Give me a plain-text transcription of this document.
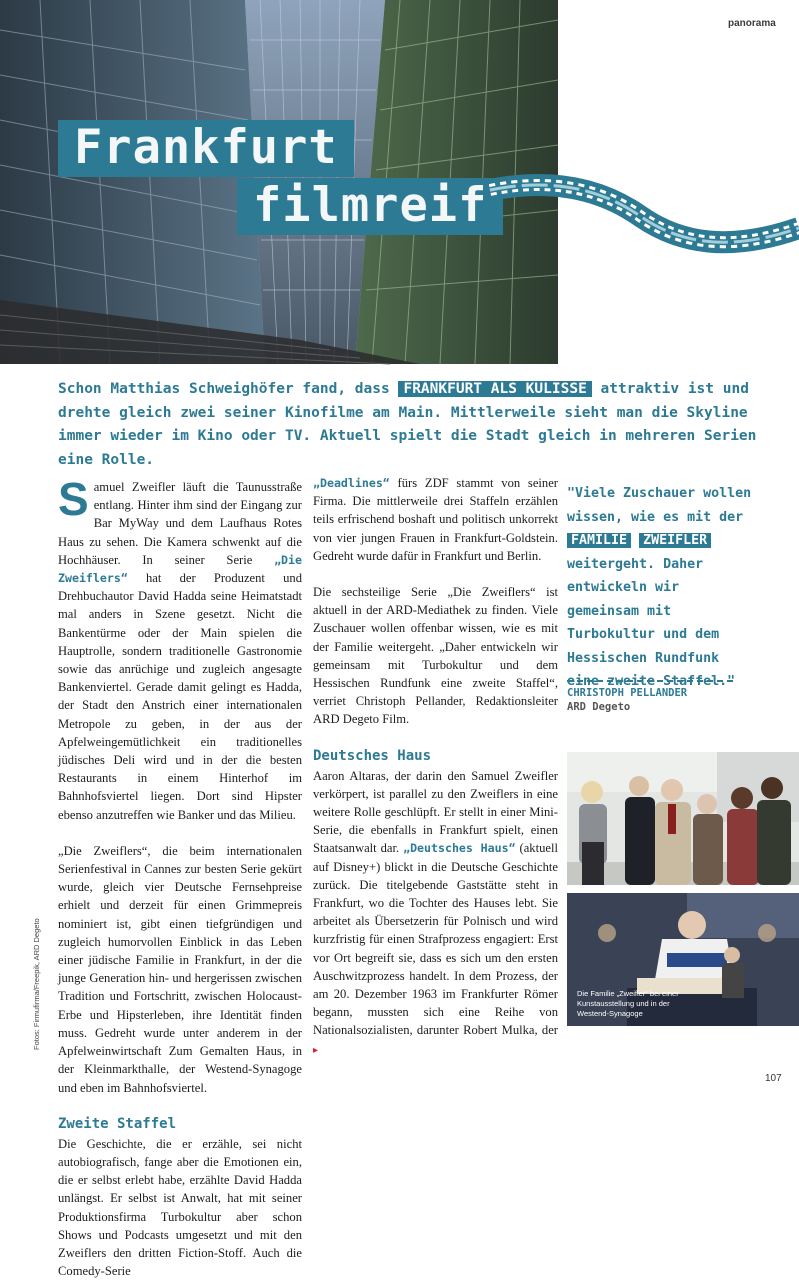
panorama
Frankfurt
filmreif
Schon Matthias Schweighöfer fand, dass FRANKFURT ALS KULISSE attraktiv ist und drehte gleich zwei seiner Kinofilme am Main. Mittlerweile sieht man die Skyline immer wieder im Kino oder TV. Aktuell spielt die Stadt gleich in mehreren Serien eine Rolle.

Samuel Zweifler läuft die Taunusstraße entlang. Hinter ihm sind der Eingang zur Bar MyWay und dem Laufhaus Rotes Haus zu sehen. Die Kamera schwenkt auf die Hochhäuser. In seiner Serie „Die Zweiflers“ hat der Produzent und Drehbuchautor David Hadda seine Heimatstadt mal anders in Szene gesetzt. Nicht die Bankentürme oder der Main spielen die Hauptrolle, sondern traditionelle Gastronomie sowie das anrüchige und zugleich angesagte Bankenviertel. Gerade damit gelingt es Hadda, der Stadt den Anstrich einer internationalen Metropole zu geben, in der aus der Apfelweingemütlichkeit ein traditionelles jüdisches Deli wird und in der die besten Restaurants in einem Hinterhof im Bahnhofsviertel liegen. Dort sind Hipster ebenso anzutreffen wie Banker und das Milieu.

„Die Zweiflers“, die beim internationalen Serienfestival in Cannes zur besten Serie gekürt wurde, gleich vier Deutsche Fernsehpreise erhielt und derzeit für einen Grimmepreis nominiert ist, gibt einen tiefgründigen und zugleich humorvollen Einblick in das Leben einer jüdische Familie in Frankfurt, in der die junge Generation hin- und hergerissen zwischen Tradition und Fortschritt, zwischen Holocaust-Erbe und Hipsterleben, ihre Identität finden muss. Gedreht wurde unter anderem in der Apfelweinwirtschaft Zum Gemalten Haus, in der Kleinmarkthalle, der Westend-Synagoge und eben im Bahnhofsviertel.

Zweite Staffel

Die Geschichte, die er erzähle, sei nicht autobiografisch, fange aber die Emotionen ein, die er selbst erlebt habe, erzählte David Hadda unlängst. Er selbst ist Anwalt, hat mit seiner Produktionsfirma Turbokultur aber schon Shows und Podcasts umgesetzt und mit den Zweiflers den dritten Fiction-Stoff. Auch die Comedy-Serie

„Deadlines“ fürs ZDF stammt von seiner Firma. Die mittlerweile drei Staffeln erzählen teils erfrischend boshaft und politisch unkorrekt von vier jungen Frauen in Frankfurt-Goldstein. Gedreht wurde dafür in Frankfurt und Berlin.

Die sechsteilige Serie „Die Zweiflers“ ist aktuell in der ARD-Mediathek zu finden. Viele Zuschauer wollen offenbar wissen, wie es mit der Familie weitergeht. „Daher entwickeln wir gemeinsam mit Turbokultur und dem Hessischen Rundfunk eine zweite Staffel“, verriet Christoph Pellander, Redaktionsleiter ARD Degeto Film.

Deutsches Haus

Aaron Altaras, der darin den Samuel Zweifler verkörpert, ist parallel zu den Zweiflers in eine weitere Rolle geschlüpft. Er stellt in einer Mini-Serie, die ebenfalls in Frankfurt spielt, einen Staatsanwalt dar. „Deutsches Haus“ (aktuell auf Disney+) blickt in die Deutsche Geschichte zurück. Die titelgebende Gaststätte steht in Frankfurt, wo die Tochter des Hauses lebt. Sie arbeitet als Übersetzerin für Polnisch und wird kurzfristig für einen Strafprozess engagiert: Erst vor Ort begreift sie, dass es sich um den ersten Auschwitzprozess handelt. In dem Prozess, der am 20. Dezember 1963 im Frankfurter Römer begann, mussten sich eine Reihe von Nationalsozialisten, darunter Robert Mulka, der ▸

Fotos: Firmufirma/Freepik, ARD Degeto
"Viele Zuschauer wollen wissen, wie es mit der FAMILIE ZWEIFLER weitergeht. Daher entwickeln wir gemeinsam mit Turbokultur und dem Hessischen Rundfunk eine zweite Staffel."
CHRISTOPH PELLANDER
ARD Degeto
Die Familie „Zweifler“ bei einer Kunstausstellung und in der Westend-Synagoge
107
